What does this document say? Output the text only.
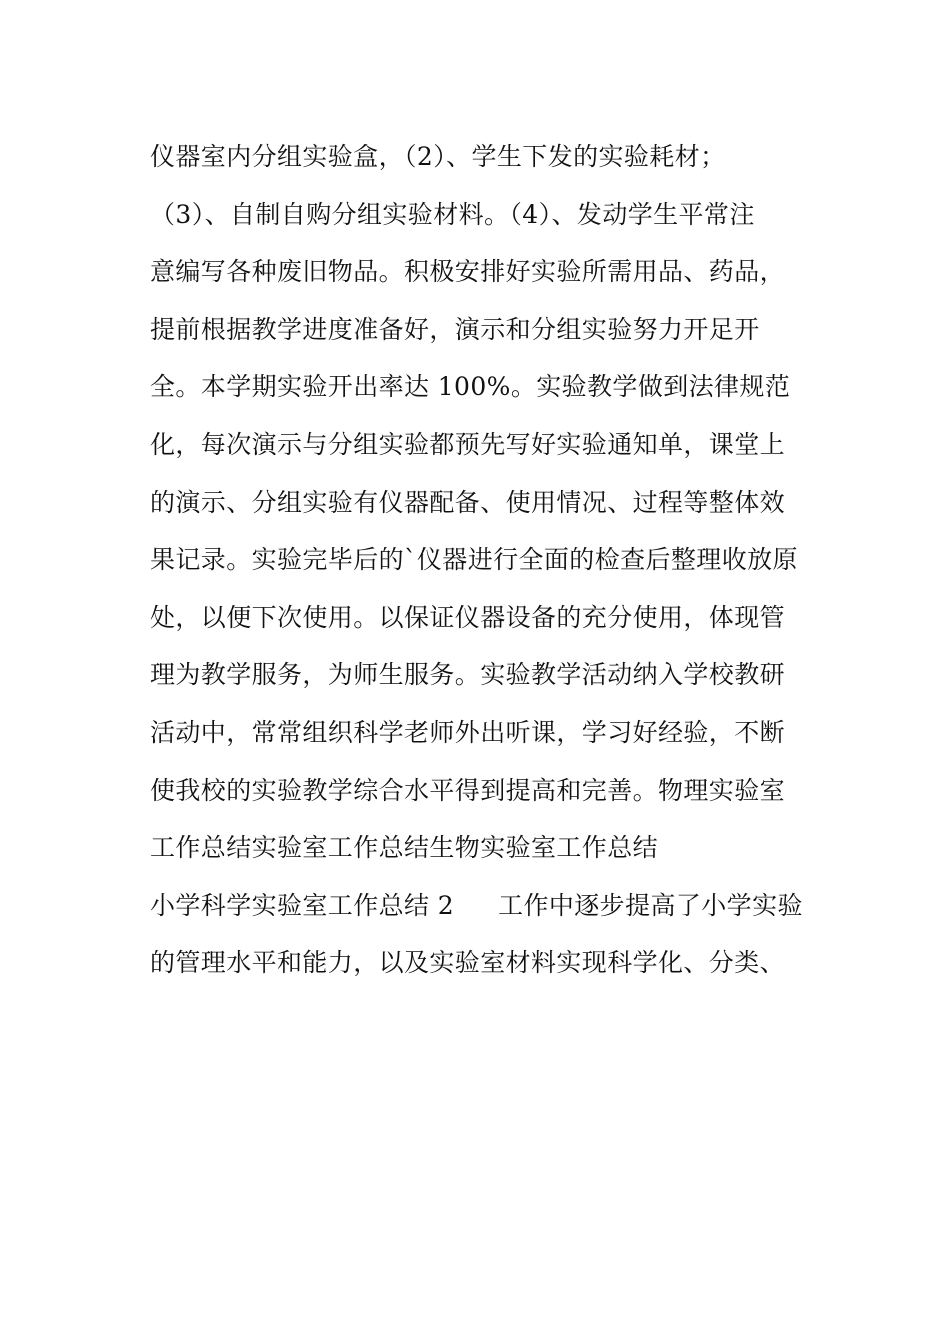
仪器室内分组实验盒，（2）、学生下发的实验耗材；
（3）、自制自购分组实验材料。（4）、发动学生平常注
意编写各种废旧物品。积极安排好实验所需用品、药品，
提前根据教学进度准备好，演示和分组实验努力开足开
全。本学期实验开出率达 100%。实验教学做到法律规范
化，每次演示与分组实验都预先写好实验通知单，课堂上
的演示、分组实验有仪器配备、使用情况、过程等整体效
果记录。实验完毕后的`仪器进行全面的检查后整理收放原
处，以便下次使用。以保证仪器设备的充分使用，体现管
理为教学服务，为师生服务。实验教学活动纳入学校教研
活动中，常常组织科学老师外出听课，学习好经验，不断
使我校的实验教学综合水平得到提高和完善。物理实验室
工作总结实验室工作总结生物实验室工作总结
小学科学实验室工作总结 2 工作中逐步提高了小学实验
的管理水平和能力，以及实验室材料实现科学化、分类、
